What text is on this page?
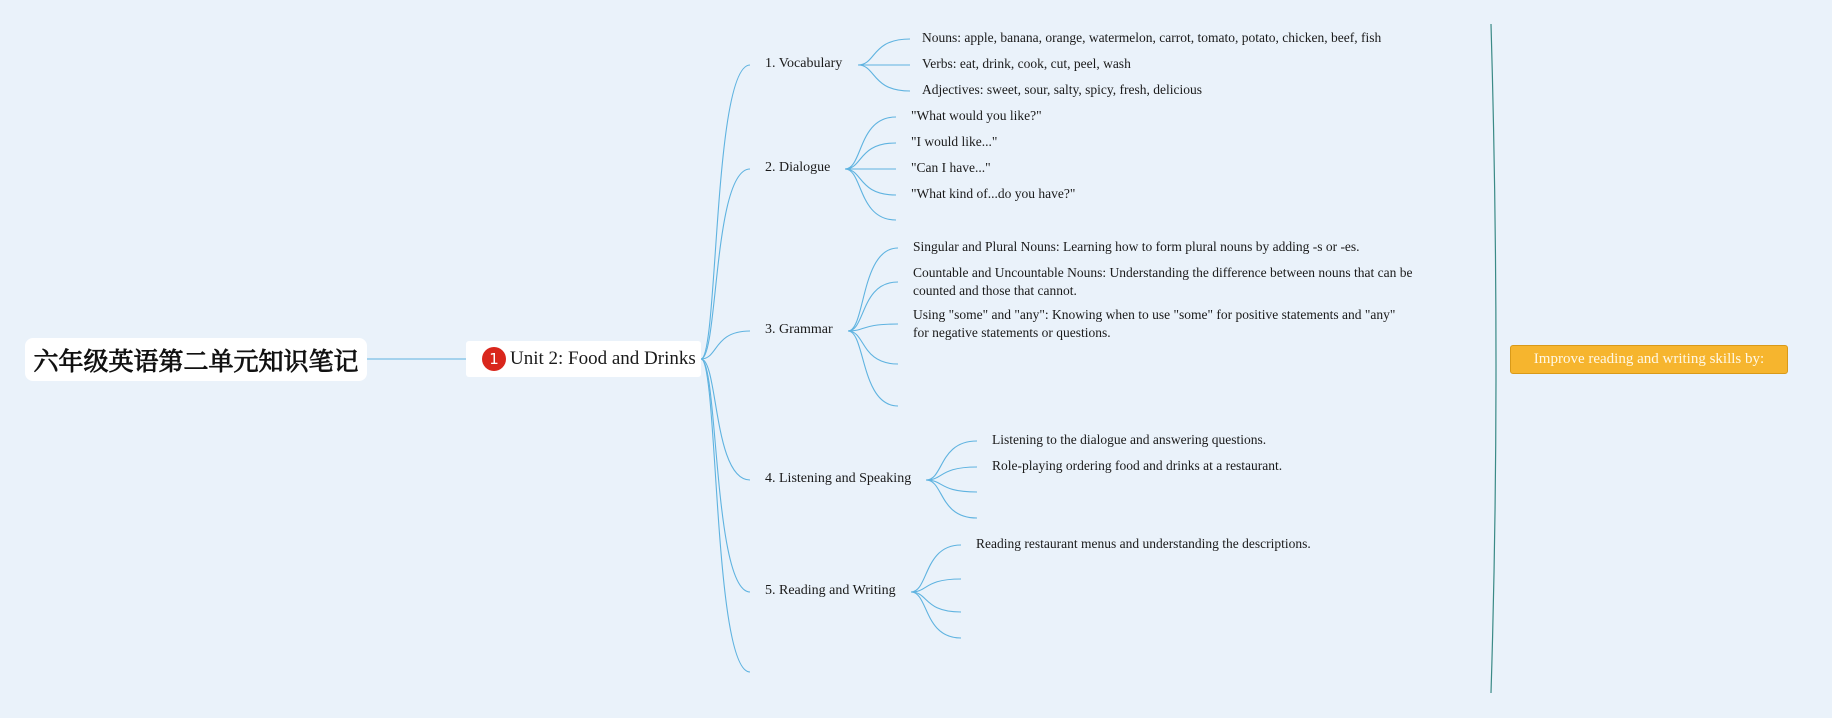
六年级英语第二单元知识笔记	1 Unit 2: Food and Drinks
1. Vocabulary
Nouns: apple, banana, orange, watermelon, carrot, tomato, potato, chicken, beef, fish
Verbs: eat, drink, cook, cut, peel, wash
Adjectives: sweet, sour, salty, spicy, fresh, delicious
2. Dialogue
"What would you like?"
"I would like..."
"Can I have..."
"What kind of...do you have?"
3. Grammar
Singular and Plural Nouns: Learning how to form plural nouns by adding -s or -es.
Countable and Uncountable Nouns: Understanding the difference between nouns that can be counted and those that cannot.
Using "some" and "any": Knowing when to use "some" for positive statements and "any" for negative statements or questions.
4. Listening and Speaking
Listening to the dialogue and answering questions.
Role-playing ordering food and drinks at a restaurant.
5. Reading and Writing
Reading restaurant menus and understanding the descriptions.
Improve reading and writing skills by:
